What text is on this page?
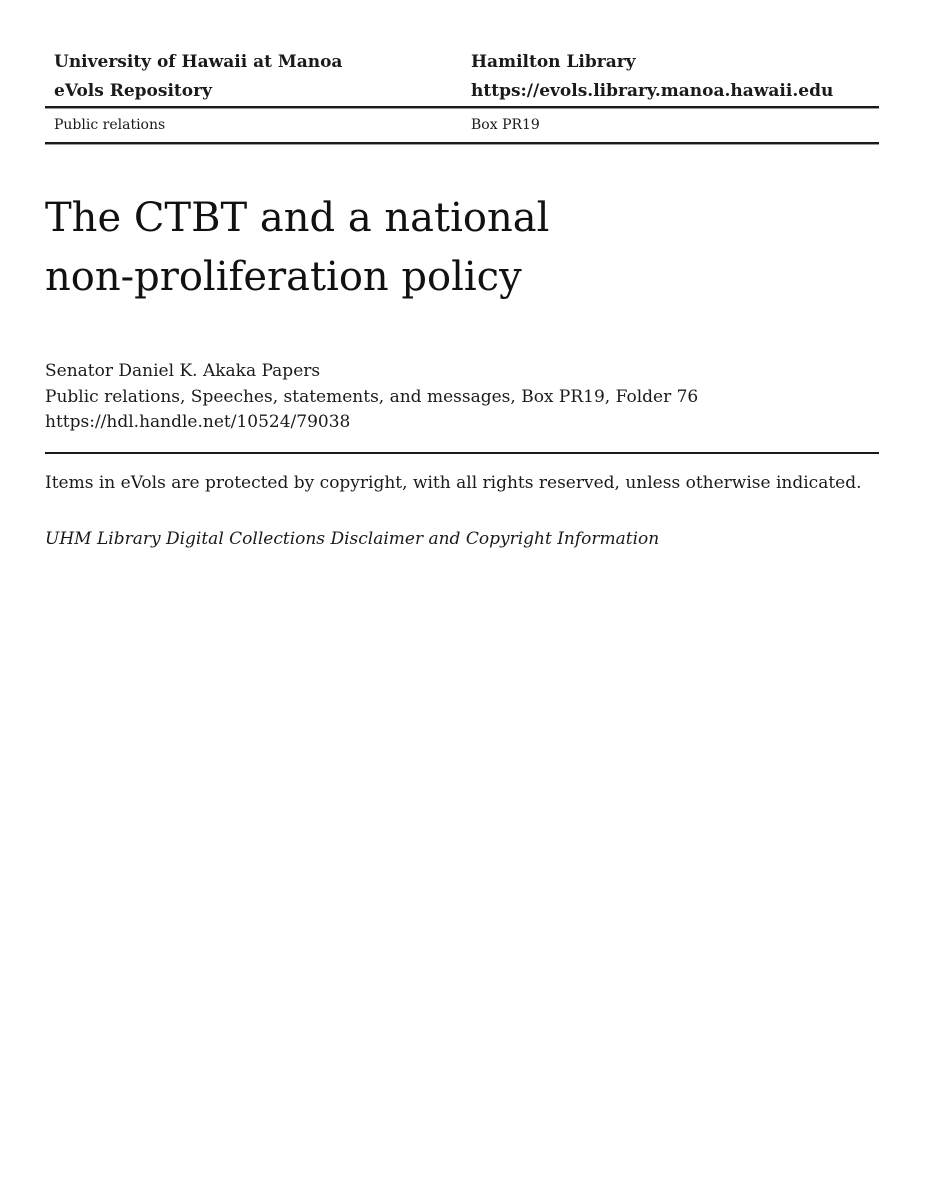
University of Hawaii at Manoa	Hamilton Library
eVols Repository	https://evols.library.manoa.hawaii.edu
Public relations	Box PR19
The CTBT and a national
non-proliferation policy
Senator Daniel K. Akaka Papers
Public relations, Speeches, statements, and messages, Box PR19, Folder 76
https://hdl.handle.net/10524/79038
Items in eVols are protected by copyright, with all rights reserved, unless otherwise indicated.
UHM Library Digital Collections Disclaimer and Copyright Information
